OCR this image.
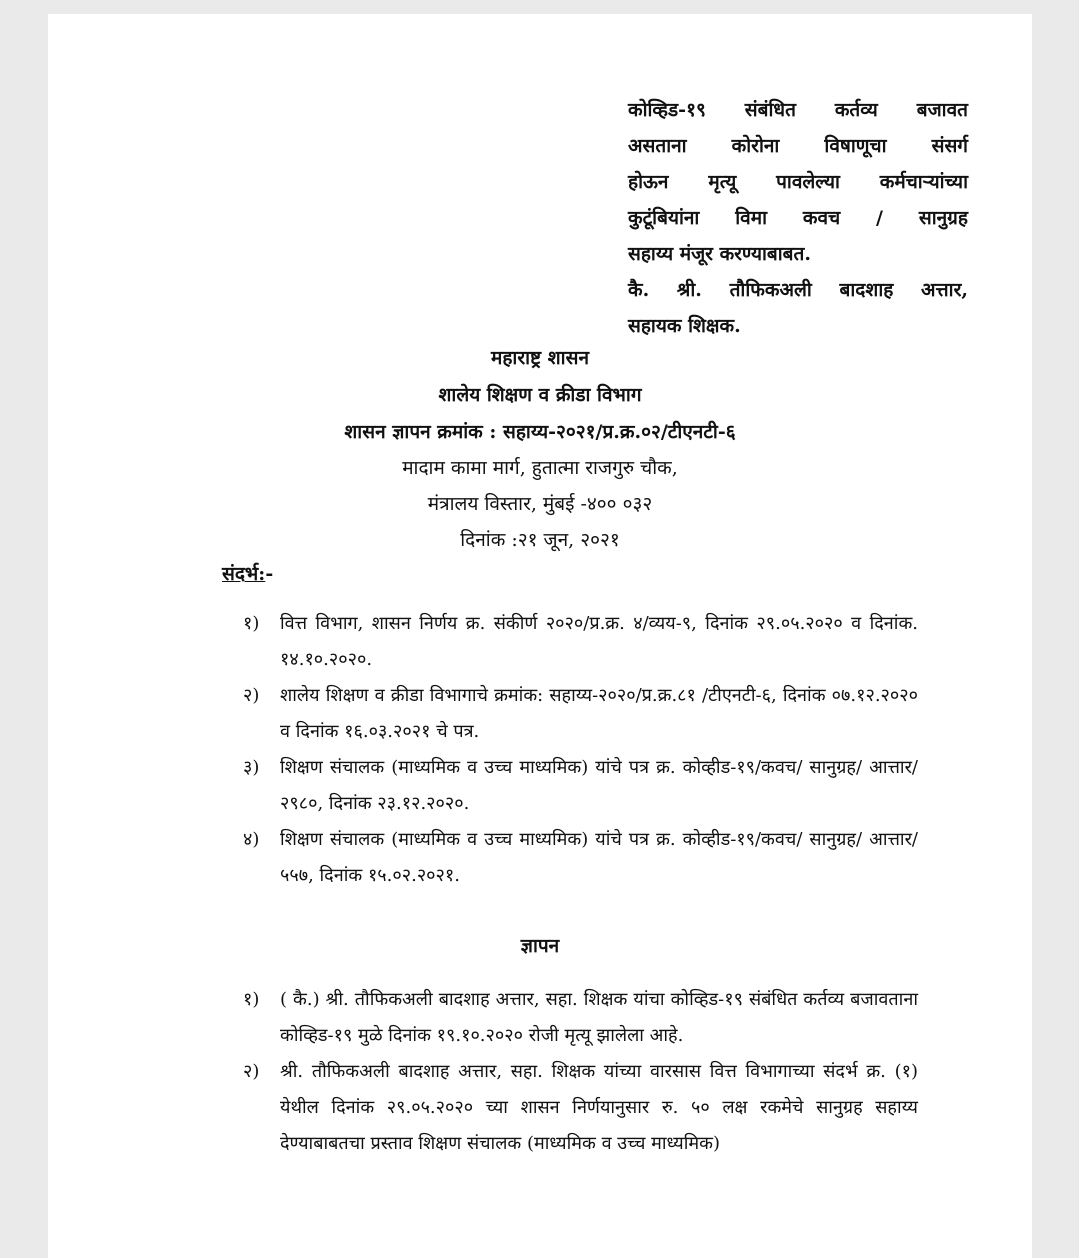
कोव्हिड-१९ संबंधित कर्तव्य बजावत
असताना कोरोना विषाणूचा संसर्ग
होऊन मृत्यू पावलेल्या कर्मचाऱ्यांच्या
कुटूंबियांना विमा कवच / सानुग्रह
सहाय्य मंजूर करण्याबाबत.
कै. श्री. तौफिकअली बादशाह अत्तार,
सहायक शिक्षक.
महाराष्ट्र शासन
शालेय शिक्षण व क्रीडा विभाग
शासन ज्ञापन क्रमांक : सहाय्य-२०२१/प्र.क्र.०२/टीएनटी-६
मादाम कामा मार्ग, हुतात्मा राजगुरु चौक,
मंत्रालय विस्तार, मुंबई -४०० ०३२
दिनांक :२१ जून, २०२१
संदर्भ:-
१) वित्त विभाग, शासन निर्णय क्र. संकीर्ण २०२०/प्र.क्र. ४/व्यय-९, दिनांक २९.०५.२०२० व दिनांक. १४.१०.२०२०.
२) शालेय शिक्षण व क्रीडा विभागाचे क्रमांक: सहाय्य-२०२०/प्र.क्र.८१ /टीएनटी-६, दिनांक ०७.१२.२०२० व दिनांक १६.०३.२०२१ चे पत्र.
३) शिक्षण संचालक (माध्यमिक व उच्च माध्यमिक) यांचे पत्र क्र. कोव्हीड-१९/कवच/ सानुग्रह/ आत्तार/२९८०, दिनांक २३.१२.२०२०.
४) शिक्षण संचालक (माध्यमिक व उच्च माध्यमिक) यांचे पत्र क्र. कोव्हीड-१९/कवच/ सानुग्रह/ आत्तार/५५७, दिनांक १५.०२.२०२१.
ज्ञापन
१) ( कै.) श्री. तौफिकअली बादशाह अत्तार, सहा. शिक्षक यांचा कोव्हिड-१९ संबंधित कर्तव्य बजावताना कोव्हिड-१९ मुळे दिनांक १९.१०.२०२० रोजी मृत्यू झालेला आहे.
२) श्री. तौफिकअली बादशाह अत्तार, सहा. शिक्षक यांच्या वारसास वित्त विभागाच्या संदर्भ क्र. (१) येथील दिनांक २९.०५.२०२० च्या शासन निर्णयानुसार रु. ५० लक्ष रकमेचे सानुग्रह सहाय्य देण्याबाबतचा प्रस्ताव शिक्षण संचालक (माध्यमिक व उच्च माध्यमिक)
